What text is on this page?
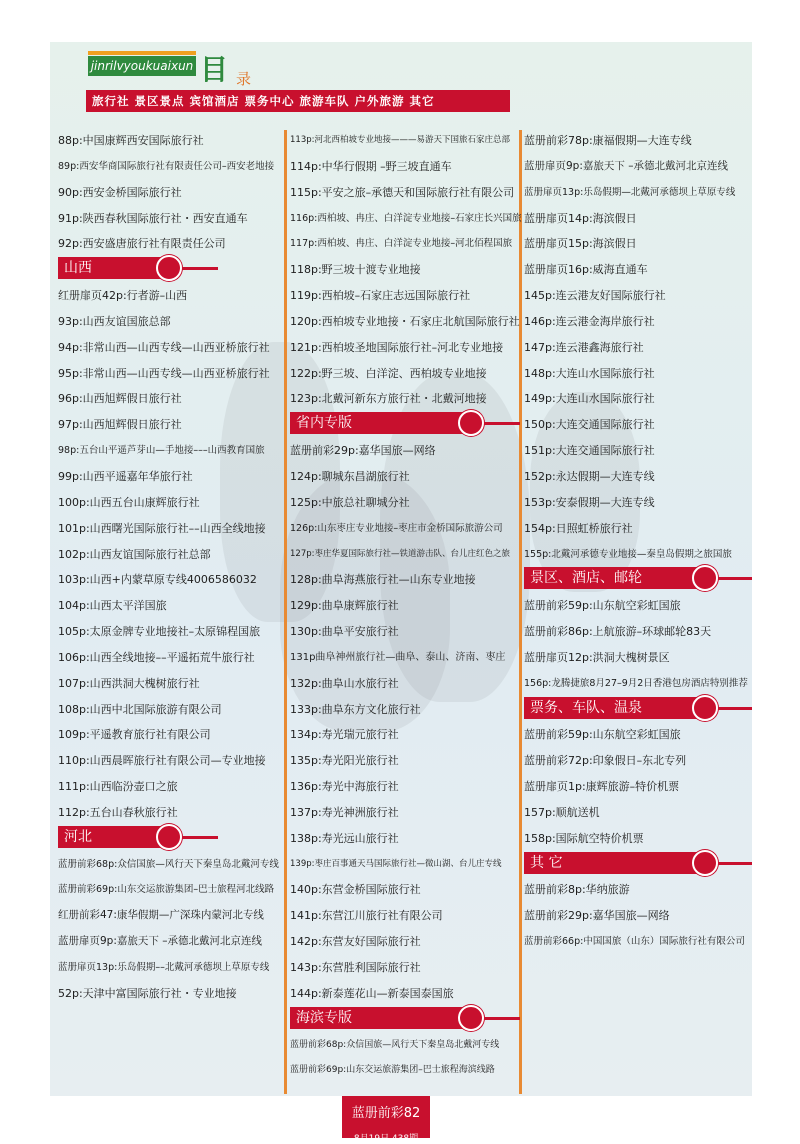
jinrilvyoukuaixun 目 录
旅行社 景区景点 宾馆酒店 票务中心 旅游车队 户外旅游 其它
88p:中国康辉西安国际旅行社
89p:西安华商国际旅行社有限责任公司–西安老地接
90p:西安金桥国际旅行社
91p:陕西春秋国际旅行社・西安直通车
92p:西安盛唐旅行社有限责任公司
山西
红册扉页42p:行者游–山西
93p:山西友谊国旅总部
94p:非常山西—山西专线—山西亚桥旅行社
95p:非常山西—山西专线—山西亚桥旅行社
96p:山西旭辉假日旅行社
97p:山西旭辉假日旅行社
98p:五台山平遥芦芽山—手地接–––山西教育国旅
99p:山西平遥嘉年华旅行社
100p:山西五台山康辉旅行社
101p:山西曙光国际旅行社––山西全线地接
102p:山西友谊国际旅行社总部
103p:山西+内蒙草原专线4006586032
104p:山西太平洋国旅
105p:太原金牌专业地接社–太原锦程国旅
106p:山西全线地接––平遥拓荒牛旅行社
107p:山西洪洞大槐树旅行社
108p:山西中北国际旅游有限公司
109p:平遥教育旅行社有限公司
110p:山西晨晖旅行社有限公司—专业地接
111p:山西临汾壶口之旅
112p:五台山春秋旅行社
河北
蓝册前彩68p:众信国旅—风行天下秦皇岛北戴河专线
蓝册前彩69p:山东交运旅游集团–巴士旅程河北线路
红册前彩47:康华假期—广深珠内蒙河北专线
蓝册扉页9p:嘉旅天下 –承德北戴河北京连线
蓝册扉页13p:乐岛假期––北戴河承德坝上草原专线
52p:天津中富国际旅行社・专业地接
113p:河北西柏坡专业地接———易游天下国旅石家庄总部
114p:中华行假期 –野三坡直通车
115p:平安之旅–承德天和国际旅行社有限公司
116p:西柏坡、冉庄、白洋淀专业地接–石家庄长兴国旅
117p:西柏坡、冉庄、白洋淀专业地接–河北佰程国旅
118p:野三坡十渡专业地接
119p:西柏坡–石家庄志远国际旅行社
120p:西柏坡专业地接・石家庄北航国际旅行社
121p:西柏坡圣地国际旅行社–河北专业地接
122p:野三坡、白洋淀、西柏坡专业地接
123p:北戴河新东方旅行社・北戴河地接
省内专版
蓝册前彩29p:嘉华国旅—网络
124p:聊城东昌湖旅行社
125p:中旅总社聊城分社
126p:山东枣庄专业地接–枣庄市金桥国际旅游公司
127p:枣庄华夏国际旅行社—铁道游击队、台儿庄红色之旅
128p:曲阜海燕旅行社—山东专业地接
129p:曲阜康辉旅行社
130p:曲阜平安旅行社
131p曲阜神州旅行社—曲阜、泰山、济南、枣庄
132p:曲阜山水旅行社
133p:曲阜东方文化旅行社
134p:寿光瑞元旅行社
135p:寿光阳光旅行社
136p:寿光中海旅行社
137p:寿光神洲旅行社
138p:寿光远山旅行社
139p:枣庄百事通天马国际旅行社—微山湖、台儿庄专线
140p:东营金桥国际旅行社
141p:东营江川旅行社有限公司
142p:东营友好国际旅行社
143p:东营胜利国际旅行社
144p:新泰莲花山—新泰国泰国旅
海滨专版
蓝册前彩68p:众信国旅—风行天下秦皇岛北戴河专线
蓝册前彩69p:山东交运旅游集团–巴士旅程海滨线路
蓝册前彩78p:康福假期—大连专线
蓝册扉页9p:嘉旅天下 –承德北戴河北京连线
蓝册扉页13p:乐岛假期—北戴河承德坝上草原专线
蓝册扉页14p:海滨假日
蓝册扉页15p:海滨假日
蓝册扉页16p:威海直通车
145p:连云港友好国际旅行社
146p:连云港金海岸旅行社
147p:连云港鑫海旅行社
148p:大连山水国际旅行社
149p:大连山水国际旅行社
150p:大连交通国际旅行社
151p:大连交通国际旅行社
152p:永达假期—大连专线
153p:安泰假期—大连专线
154p:日照虹桥旅行社
155p:北戴河承德专业地接—秦皇岛假期之旅国旅
景区、酒店、邮轮
蓝册前彩59p:山东航空彩虹国旅
蓝册前彩86p:上航旅游–环球邮轮83天
蓝册扉页12p:洪洞大槐树景区
156p:龙腾捷旅8月27–9月2日香港包房酒店特别推荐
票务、车队、温泉
蓝册前彩59p:山东航空彩虹国旅
蓝册前彩72p:印象假日–东北专列
蓝册扉页1p:康辉旅游–特价机票
157p:顺航送机
158p:国际航空特价机票
其 它
蓝册前彩8p:华纳旅游
蓝册前彩29p:嘉华国旅—网络
蓝册前彩66p:中国国旅（山东）国际旅行社有限公司
蓝册前彩82
8月19日 438期
